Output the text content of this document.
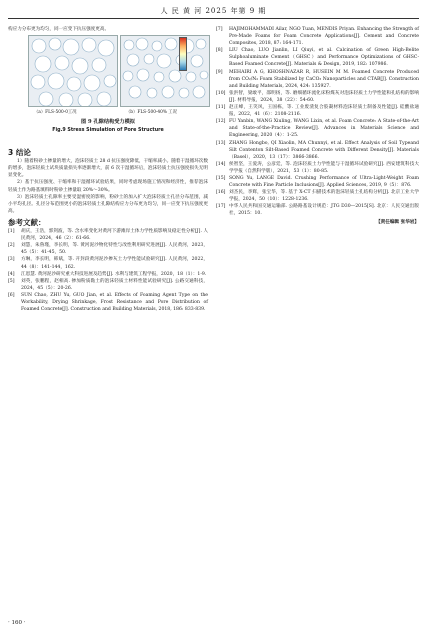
人 民 黄 河 2025 年第 9 期

构应力分布更为均匀，同一应变下抗压强度更高。

（a）FLS-500-0工况	（b）FLS-500-40% 工况
图 9 孔隙结构受力模拟
Fig.9 Stress Simulation of Pore Structure
3 结论

1）随着粉砂土掺量的增大，泡沫轻质土 28 d 抗压强度降低，干缩率减小。随着干湿循环次数的增多，泡沫轻质土试块质量损失率逐渐增大，前 6 次干湿循环后，泡沫轻质土抗压强度损失无明显变化。

2）基于抗压强度、干缩率和干湿循环试验结果，同时考虑现场施工情况和经济性，推荐泡沫轻质土作为路基填料时粉砂土掺量取 20%～30%。

3）泡沫轻质土孔隙率主要受湿密度的影响，粉砂土的加入扩大泡沫轻质土孔径分布范围，减小平均孔径。孔径分布范围更小的泡沫轻质土孔隙结构应力分布更为均匀，同一应变下抗压强度更高。

参考文献：
[1]	胡庆，王浩，郭剑波，等. 含水率变化对黄河下游滩岸土体力学性质影响及稳定性分析[J]. 人民黄河，2024，46（2）：61-66.
[2]	刘慧，朱鲁瑾，李长明，等. 黄河泥沙物化特性与改性利用研究进展[J]. 人民黄河，2023，45（5）：41-45，50.
[3]	方琳，李长明，韩斌，等. 开封段黄河泥沙掺灰土力学性能试验研究[J]. 人民黄河，2022，44（8）：141-144，162.
[4]	江恩慧. 黄河泥沙研究重大科技进展及趋势[J]. 水利与建筑工程学报，2020，18（1）：1-9.
[5]	刘英，张鹏程，赵相高. 掺加粉质黏土的泡沫轻质土材料性能试验研究[J]. 公路交通科技，2024，45（5）：20-26.
[6]	SUN Chao, ZHU Yu, GUO Jian, et al. Effects of Foaming Agent Type on the Workability, Drying Shrinkage, Frost Resistance and Pore Distribution of Foamed Concrete[J]. Construction and Building Materials, 2018, 186: 833-839.
[7]	HAJIMOHAMMADI Ailar, NGO Tuan, MENDIS Priyan. Enhancing the Strength of Pre-Made Foams for Foam Concrete Applications[J]. Cement and Concrete Composites, 2018, 87: 164-171.
[8]	LIU Chao, LUO Jianlin, LI Qiuyi, et al. Calcination of Green High-Belite Sulphoaluminate Cement（GHSC）and Performance Optimizations of GHSC-Based Foamed Concrete[J]. Materials & Design, 2019, 182: 107986.
[9]	MEHAIRI A G, KHOSHNAZAR R, HUSEIN M M. Foamed Concrete Produced from CO₂/N₂ Foam Stabilized by CaCO₃ Nanoparticles and CTAB[J]. Construction and Building Materials, 2024, 424: 135927.
[10] 张洪智，梁敢平，邵明扬，等. 磨细循环流化床粉煤灰对泡沫轻质土力学性能和孔结构的影响[J]. 材料导报，2024，38（22）：54-60.
[11] 赵正峰，王笑风，王国栋，等. 工业废渣复合胶凝材料泡沫轻质土制备及性能[J]. 硅酸盐通报，2022，41（6）：2108-2116.
[12] FU Yanbin, WANG Xiuling, WANG Lixin, et al. Foam Concrete: A State-of-the-Art and State-of-the-Practice Review[J]. Advances in Materials Science and Engineering, 2020（4）：1-25.
[13] ZHANG Hongbo, QI Xiaolin, MA Chunnyi, et al. Effect Analysis of Soil Typeand Silt Contenton Silt-Based Foamed Concrete with Different Density[J]. Materials（Basel），2020，13（17）：3866-3866.
[14] 侯智坚，王爱涛，公彦廷，等. 泡沫轻质土力学性能与干湿循环试验研究[J]. 西安建筑科技大学学报（自然科学版），2021，53（1）：80-85.
[15] SONG Yu, LANGE David. Crushing Performance of Ultra-Light-Weight Foam Concrete with Fine Particle Inclusions[J]. Applied Sciences, 2019, 9（5）：876.
[16] 刘杰民，李辉，张宝华，等. 基于 X-CT 扫描技术的泡沫轻质土孔结构分析[J]. 北京工业大学学报，2024，50（10）：1228-1236.
[17] 中华人民共和国交通运输部. 公路路基设计规范：JTG D30—2015[S]. 北京：人民交通出版社，2015：10.
【责任编辑 张华岩】
· 160 ·
